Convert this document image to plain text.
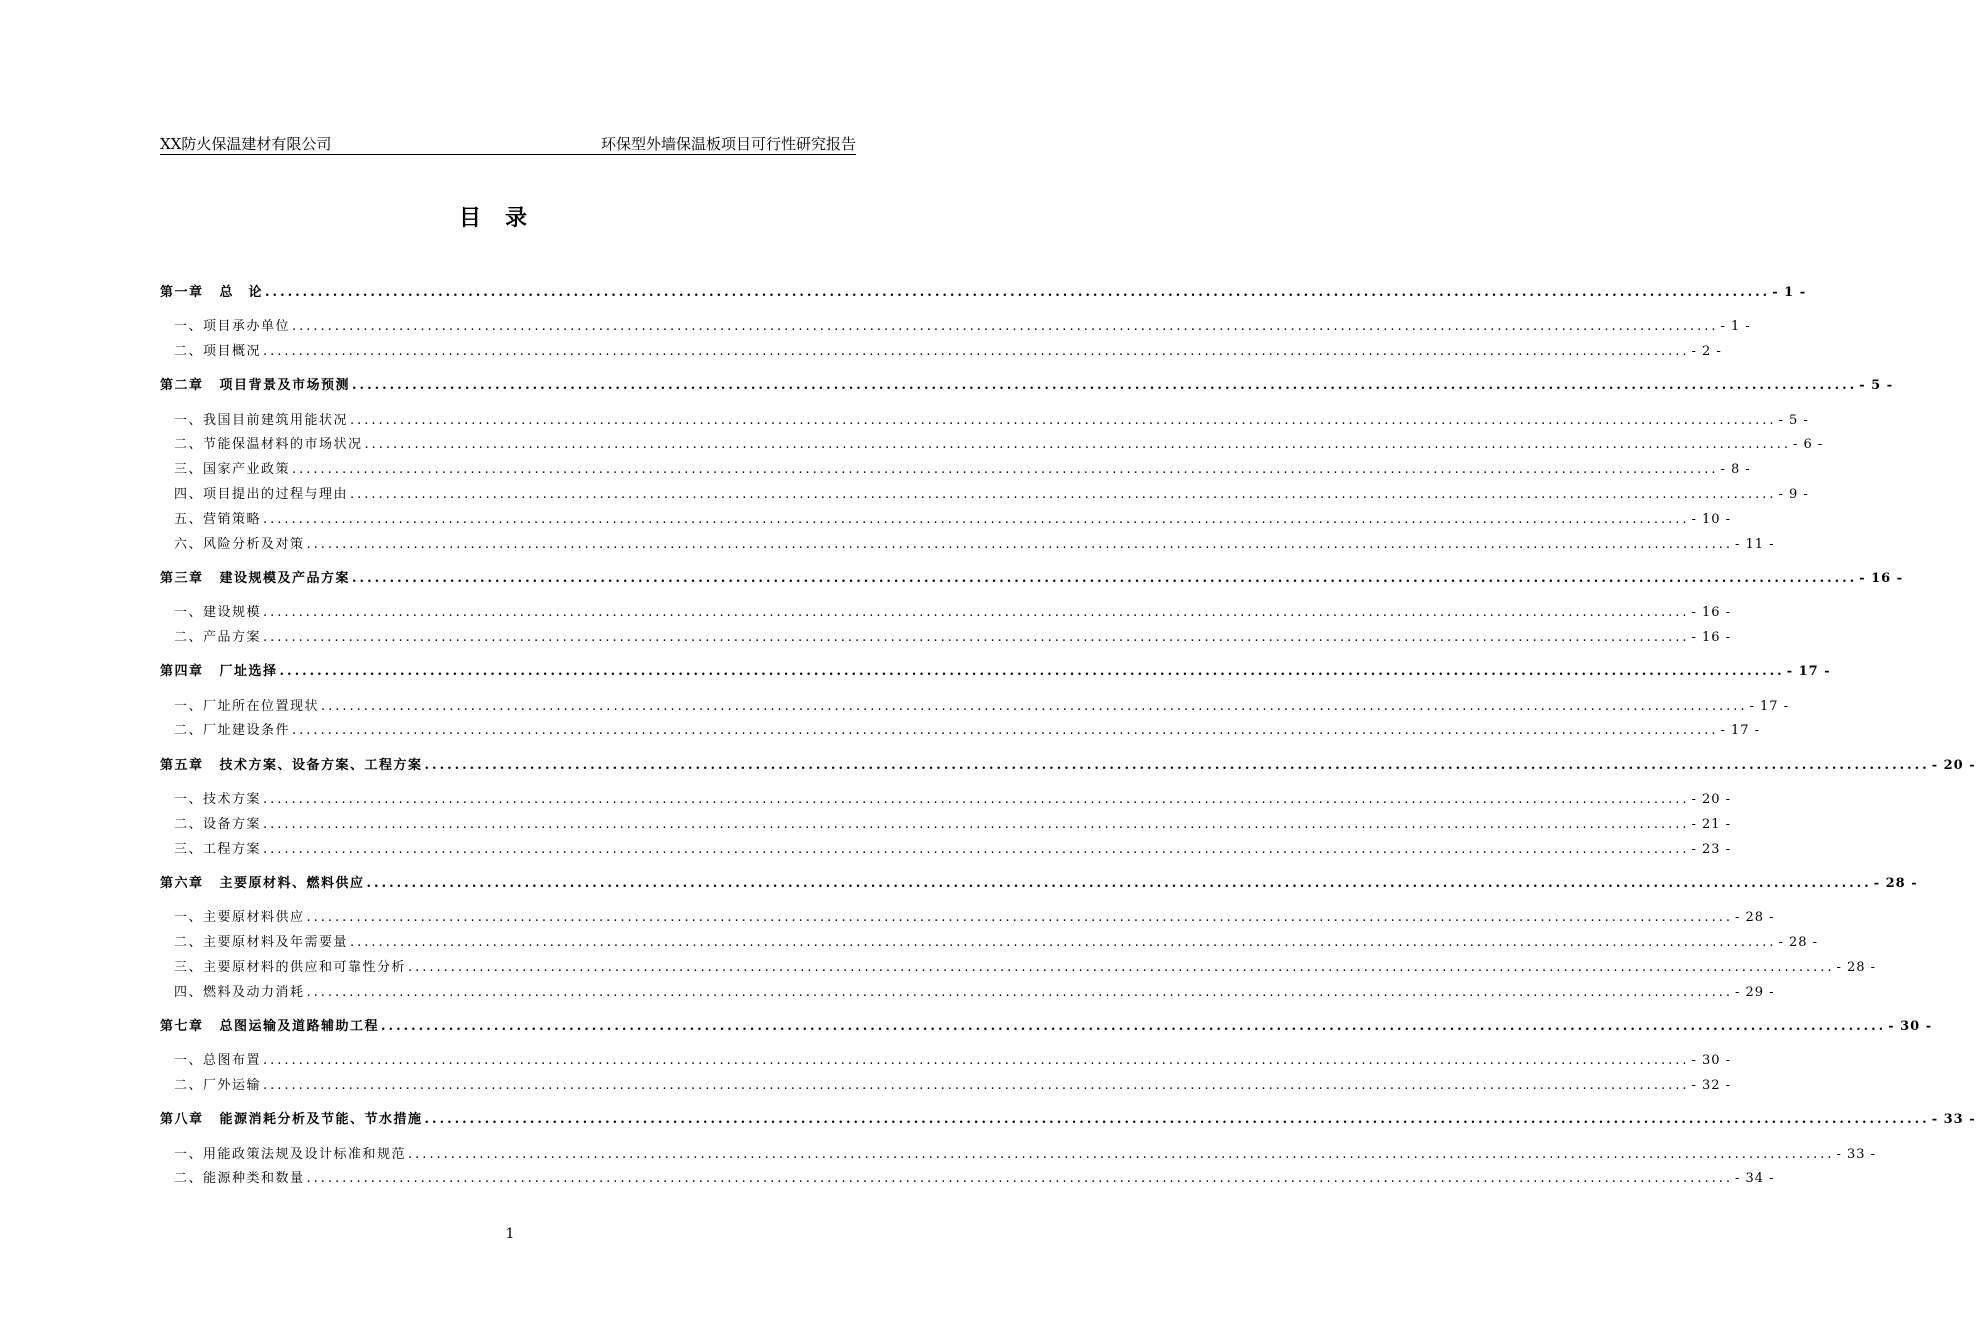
XX防火保温建材有限公司	环保型外墙保温板项目可行性研究报告
目录
第一章 总　论 ........................................................................................................................................................................................................ - 1 -
一、项目承办单位 ........................................................................................................................................................................................................ - 1 -
二、项目概况 ........................................................................................................................................................................................................ - 2 -
第二章 项目背景及市场预测 ........................................................................................................................................................................................................ - 5 -
一、我国目前建筑用能状况 ........................................................................................................................................................................................................ - 5 -
二、节能保温材料的市场状况 ........................................................................................................................................................................................................ - 6 -
三、国家产业政策 ........................................................................................................................................................................................................ - 8 -
四、项目提出的过程与理由 ........................................................................................................................................................................................................ - 9 -
五、营销策略 ........................................................................................................................................................................................................ - 10 -
六、风险分析及对策 ........................................................................................................................................................................................................ - 11 -
第三章 建设规模及产品方案 ........................................................................................................................................................................................................ - 16 -
一、建设规模 ........................................................................................................................................................................................................ - 16 -
二、产品方案 ........................................................................................................................................................................................................ - 16 -
第四章 厂址选择 ........................................................................................................................................................................................................ - 17 -
一、厂址所在位置现状 ........................................................................................................................................................................................................ - 17 -
二、厂址建设条件 ........................................................................................................................................................................................................ - 17 -
第五章 技术方案、设备方案、工程方案 ........................................................................................................................................................................................................ - 20 -
一、技术方案 ........................................................................................................................................................................................................ - 20 -
二、设备方案 ........................................................................................................................................................................................................ - 21 -
三、工程方案 ........................................................................................................................................................................................................ - 23 -
第六章 主要原材料、燃料供应 ........................................................................................................................................................................................................ - 28 -
一、主要原材料供应 ........................................................................................................................................................................................................ - 28 -
二、主要原材料及年需要量 ........................................................................................................................................................................................................ - 28 -
三、主要原材料的供应和可靠性分析 ........................................................................................................................................................................................................ - 28 -
四、燃料及动力消耗 ........................................................................................................................................................................................................ - 29 -
第七章 总图运输及道路辅助工程 ........................................................................................................................................................................................................ - 30 -
一、总图布置 ........................................................................................................................................................................................................ - 30 -
二、厂外运输 ........................................................................................................................................................................................................ - 32 -
第八章 能源消耗分析及节能、节水措施 ........................................................................................................................................................................................................ - 33 -
一、用能政策法规及设计标准和规范 ........................................................................................................................................................................................................ - 33 -
二、能源种类和数量 ........................................................................................................................................................................................................ - 34 -
1
